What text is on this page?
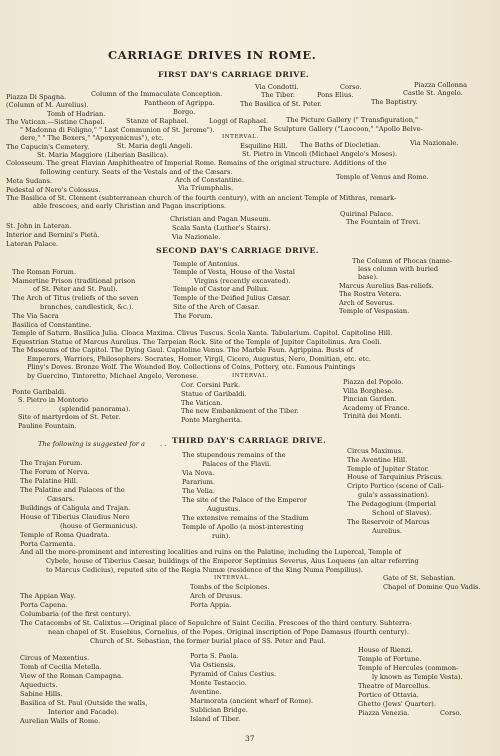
CARRIAGE DRIVES IN ROME.
FIRST DAY'S CARRIAGE DRIVE.
Via Condotti.	Corso.	Piazza Collonna
Piazza Di Spagna.	Column of the Immaculate Conception.	The Tiber.	Pons Elius.	Castle St. Angelo.
(Column of M. Aurelius).	Pantheon of Agrippa.	The Basilica of St. Peter.	The Baptistry.
Tomb of Hadrian.	Borgo.
The Vatican.—Sistine Chapel.	Stanze of Raphael.	Loggi of Raphael.	The Picture Gallery (" Transfiguration,"
" Madonna di Foligno," " Last Communion of St. Jerome").	The Sculpture Gallery ("Laocoon," "Apollo Belve-
dere," " The Boxers," "Apoxyenicnus"), etc.	INTERVAL.
The Capucin's Cemetery.	St. Maria degli Angeli.	Esquiline Hill. The Baths of Diocletian.	Via Nazionale.
St. Maria Maggiore (Liberian Basilica).	St. Pietro in Vincoli (Michael Angelo's Moses).
Colosseum. The great Flavian Amphitheatre of Imperial Rome. Remains of the original structure. Additions of the
following century. Seats of the Vestals and of the Cæsars.
Temple of Venus and Rome.
Meta Sudans.	Arch of Constantine.
Pedestal of Nero's Colossus.	Via Triumphalis.
The Basilica of St. Clement (subterranean church of the fourth century), with an ancient Temple of Mithras, remark-
able frescoes, and early Christian and Pagan inscriptions.
Quirinal Palace.
St. John in Lateran.
Christian and Pagan Museum.	The Fountain of Trevi.
Interior and Bernini's Pietà.
Scala Santa (Luther's Stairs).
Lateran Palace.
Via Nazionale.
SECOND DAY'S CARRIAGE DRIVE.
Temple of Antonius.	The Column of Phocas (name-
less column with buried
base).
The Roman Forum.	Temple of Vesta, House of the Vestal
Mamertine Prison (traditional prison	Virgins (recently excavated).
Marcus Aurelius Bas-reliefs.
of St. Peter and St. Paul).	Temple of Castor and Pollux.
The Rostra Vetera.
The Arch of Titus (reliefs of the seven	Temple of the Deified Julius Cæsar.
Arch of Severus.
branches, candlestick, &c.).	Site of the Arch of Cæsar.	Temple of Vespasian.
The Via Sacra	The Forum.
Basilica of Constantine.
Temple of Saturn. Basilica Julia. Cloaca Maxima. Clivus Tuscus. Scola Xanta. Tabularium. Capitol. Capitoline Hill.
Equestrian Statue of Marcus Aurelius. The Tarpeian Rock. Site of the Temple of Jupiter Capitolinus. Ara Coeli.
The Museums of the Capitol. The Dying Gaul. Capitoline Venus. The Marble Faun. Agrippina. Busts of
Emperors, Warriors, Philosophers. Socrates, Homer, Virgil, Cicero, Augustus, Nero, Domitian, etc. etc.
Pliny's Doves. Bronze Wolf. The Wounded Boy. Collections of Coins, Pottery, etc. Famous Paintings
by Guercino, Tintoretto, Michael Angelo, Veronese.	INTERVAL.
Piazza del Popolo.
Ponte Garibaldi.
Cor. Corsini Park.
Villa Borghese.
S. Pietro in Montorio
Statue of Garibaldi.
Pincian Garden.
(splendid panorama).
The Vatican.
Academy of France.
Site of martyrdom of St. Peter.
The new Embankment of the Tiber.
Trinità dei Monti.
Pauline Fountain.
Ponte Margherita.
The following is suggested for a . . THIRD DAY'S CARRIAGE DRIVE.
The stupendous remains of the	Circus Maximus.
The Trajan Forum.	Palaces of the Flavii.	The Aventine Hill.
The Forum of Nerva.	Via Nova.	Temple of Jupiter Stator.
The Palatine Hill.	Pararium.
House of Tarquinius Priscus.
The Palatine and Palaces of the	The Velia.
Cripto Portico (scene of Cali-
Cæsars.	The site of the Palace of the Emperor
gula's assassination).
Buildings of Caligula and Trajan.	Augustus.
The Pedagogium (Imperial
House of Tiberius Claudius Nero	The extensive remains of the Stadium
School of Slaves).
(house of Germanicus).	Temple of Apollo (a most-interesting
The Reservoir of Marcus
Temple of Roma Quadrata.	ruin).
Aurelius.
Porta Carmenta.
And all the more-prominent and interesting localities and ruins on the Palatine, including the Lupercal, Temple of
Cybele, house of Tiberius Cæsar, buildings of the Emperor Septimius Severus, Aius Loquens (an altar referring
to Marcus Cedicius), reputed site of the Regia Numæ (residence of the King Numa Pompilius).
INTERVAL.	Gate of St. Sebastian.
Tombs of the Scipiones.	Chapel of Domine Quo Vadis.
The Appian Way.	Arch of Drusus.
Porta Capena.	Porta Appia.
Columbaria (of the first century).
The Catacombs of St. Calixtus.—Original place of Sepulchre of Saint Cecilia. Frescoes of the third century. Subterra-
nean chapel of St. Eusebius, Cornelius, of the Popes. Original inscription of Pope Damasus (fourth century).
Church of St. Sebastian, the former burial place of SS. Peter and Paul.
House of Rienzi.
Circus of Maxentius.	Porta S. Paola.	Temple of Fortune.
Tomb of Cecilia Metella.	Via Ostiensis.	Temple of Hercules (common-
View of the Roman Campagna.	Pyramid of Caius Cestius.	ly known as Temple Vesta).
Aqueducts.	Monte Testaccio.	Theatre of Marcellus.
Sabine Hills.	Aventine.	Portico of Ottavia.
Basilica of St. Paul (Outside the walls,	Marmorata (ancient wharf of Rome).	Ghetto (Jews' Quarter).
Interior and Facade).	Sublician Bridge.	Piazza Venezia.	Corso.
Aurelian Walls of Rome.	Island of Tiber.
37
